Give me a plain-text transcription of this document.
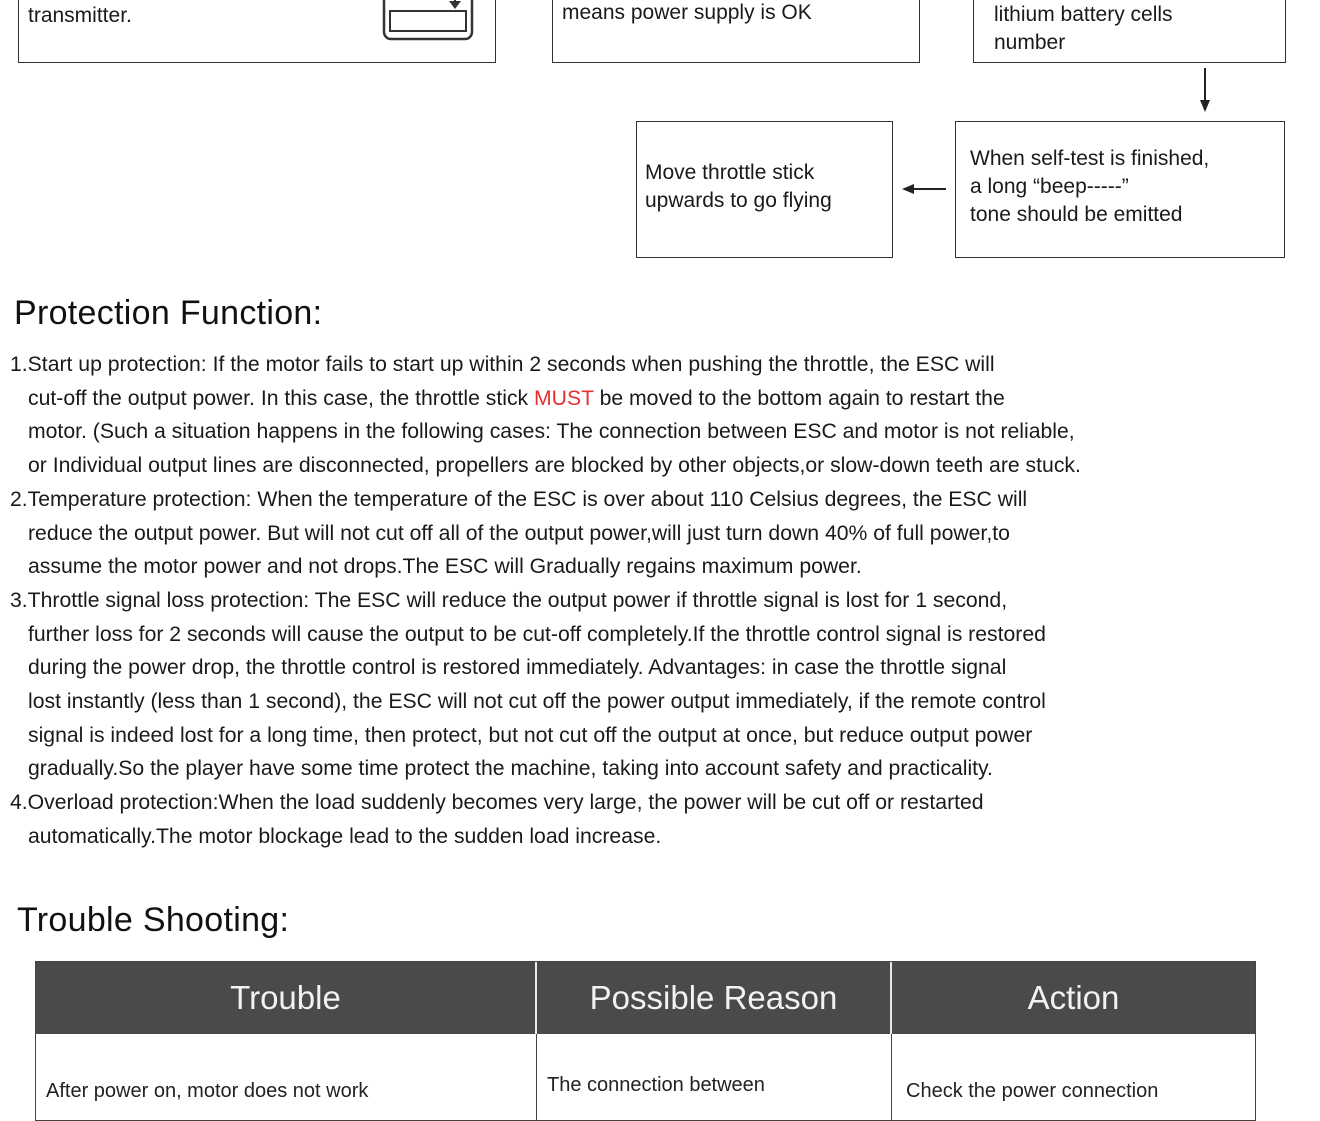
transmitter.	means power supply is OK	lithium battery cells
number
When self-test is finished,
a long “beep-----”
tone should be emitted
Move throttle stick
upwards to go flying
Protection Function:
1.Start up protection: If the motor fails to start up within 2 seconds when pushing the throttle, the ESC will
cut-off the output power. In this case, the throttle stick MUST be moved to the bottom again to restart the
motor. (Such a situation happens in the following cases: The connection between ESC and motor is not reliable,
or Individual output lines are disconnected, propellers are blocked by other objects,or slow-down teeth are stuck.
2.Temperature protection: When the temperature of the ESC is over about 110 Celsius degrees, the ESC will
reduce the output power. But will not cut off all of the output power,will just turn down 40% of full power,to
assume the motor power and not drops.The ESC will Gradually regains maximum power.
3.Throttle signal loss protection: The ESC will reduce the output power if throttle signal is lost for 1 second,
further loss for 2 seconds will cause the output to be cut-off completely.If the throttle control signal is restored
during the power drop, the throttle control is restored immediately. Advantages: in case the throttle signal
lost instantly (less than 1 second), the ESC will not cut off the power output immediately, if the remote control
signal is indeed lost for a long time, then protect, but not cut off the output at once, but reduce output power
gradually.So the player have some time protect the machine, taking into account safety and practicality.
4.Overload protection:When the load suddenly becomes very large, the power will be cut off or restarted
automatically.The motor blockage lead to the sudden load increase.
Trouble Shooting:
Trouble	Possible Reason	Action
After power on, motor does not work	The connection between	Check the power connection
